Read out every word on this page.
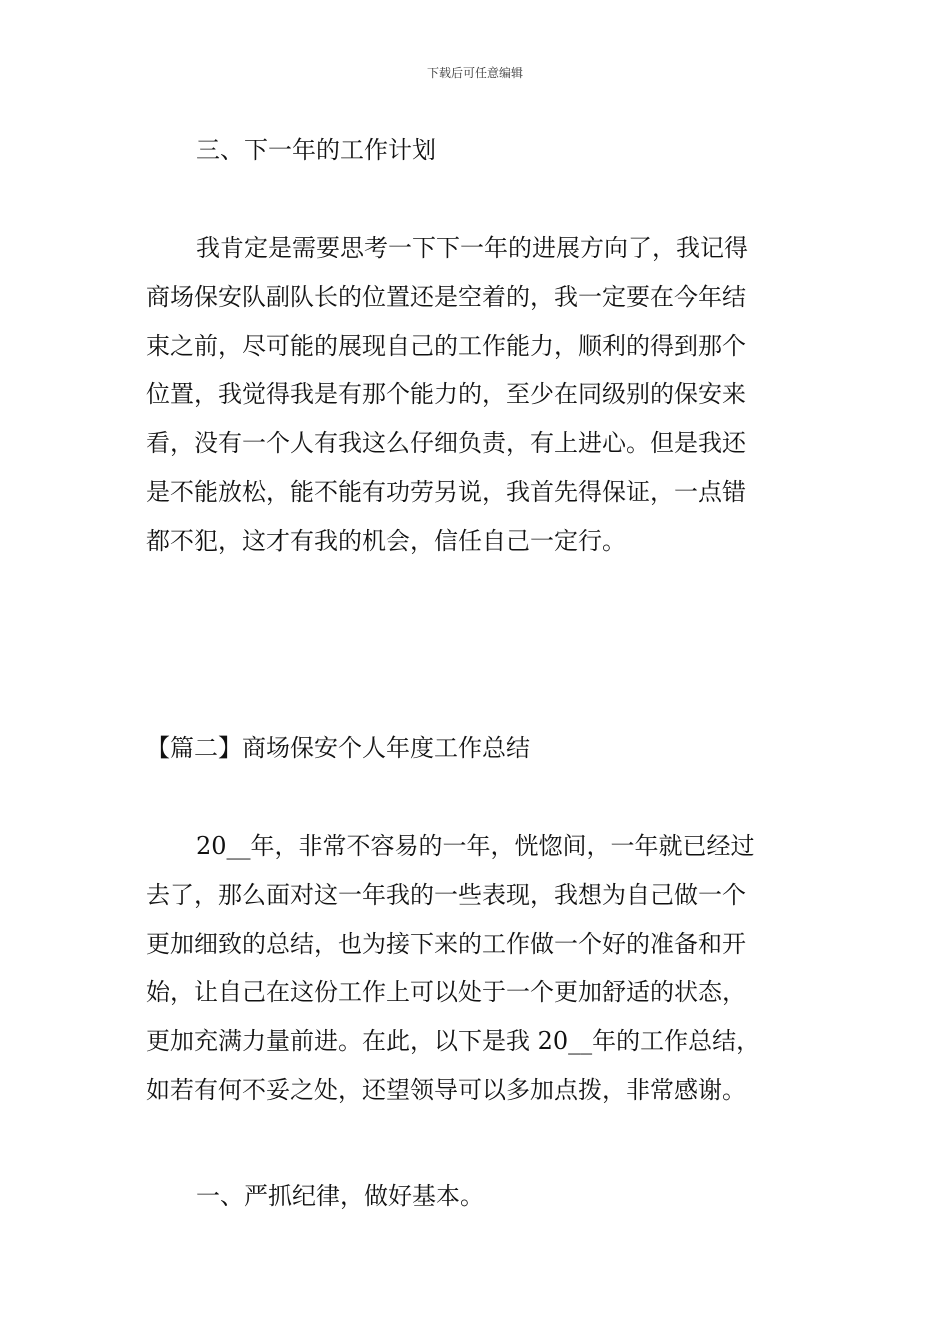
下载后可任意编辑
三、下一年的工作计划
我肯定是需要思考一下下一年的进展方向了，我记得
商场保安队副队长的位置还是空着的，我一定要在今年结
束之前，尽可能的展现自己的工作能力，顺利的得到那个
位置，我觉得我是有那个能力的，至少在同级别的保安来
看，没有一个人有我这么仔细负责，有上进心。但是我还
是不能放松，能不能有功劳另说，我首先得保证，一点错
都不犯，这才有我的机会，信任自己一定行。
【篇二】商场保安个人年度工作总结
20__年，非常不容易的一年，恍惚间，一年就已经过
去了，那么面对这一年我的一些表现，我想为自己做一个
更加细致的总结，也为接下来的工作做一个好的准备和开
始，让自己在这份工作上可以处于一个更加舒适的状态，
更加充满力量前进。在此，以下是我 20__年的工作总结，
如若有何不妥之处，还望领导可以多加点拨，非常感谢。
一、严抓纪律，做好基本。
